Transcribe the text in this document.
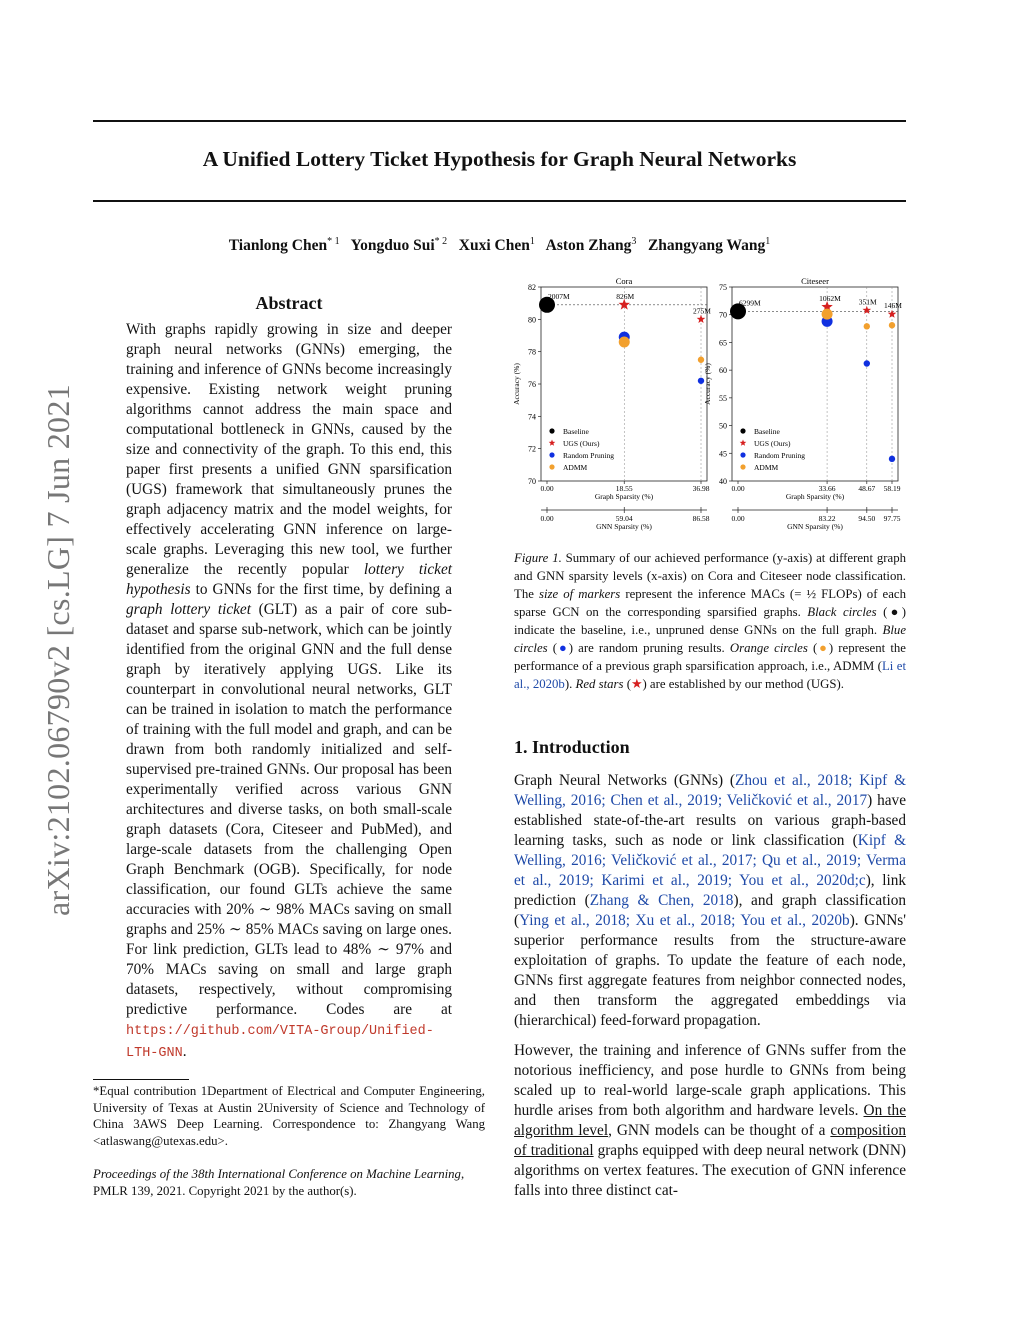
A Unified Lottery Ticket Hypothesis for Graph Neural Networks
Tianlong Chen$^{* 1}$ Yongduo Sui$^{* 2}$ Xuxi Chen$^1$ Aston Zhang$^3$ Zhangyang Wang$^1$
arXiv:2102.06790v2 [cs.LG] 7 Jun 2021
Abstract
With graphs rapidly growing in size and deeper graph neural networks (GNNs) emerging, the training and inference of GNNs become increasingly expensive. Existing network weight pruning algorithms cannot address the main space and computational bottleneck in GNNs, caused by the size and connectivity of the graph. To this end, this paper first presents a unified GNN sparsification (UGS) framework that simultaneously prunes the graph adjacency matrix and the model weights, for effectively accelerating GNN inference on large-scale graphs. Leveraging this new tool, we further generalize the recently popular lottery ticket hypothesis to GNNs for the first time, by defining a graph lottery ticket (GLT) as a pair of core sub-dataset and sparse sub-network, which can be jointly identified from the original GNN and the full dense graph by iteratively applying UGS. Like its counterpart in convolutional neural networks, GLT can be trained in isolation to match the performance of training with the full model and graph, and can be drawn from both randomly initialized and self-supervised pre-trained GNNs. Our proposal has been experimentally verified across various GNN architectures and diverse tasks, on both small-scale graph datasets (Cora, Citeseer and PubMed), and large-scale datasets from the challenging Open Graph Benchmark (OGB). Specifically, for node classification, our found GLTs achieve the same accuracies with 20% ∼ 98% MACs saving on small graphs and 25% ∼ 85% MACs saving on large ones. For link prediction, GLTs lead to 48% ∼ 97% and 70% MACs saving on small and large graph datasets, respectively, without compromising predictive performance. Codes are at https://github.com/VITA-Group/Unified-LTH-GNN.
*Equal contribution 1Department of Electrical and Computer Engineering, University of Texas at Austin 2University of Science and Technology of China 3AWS Deep Learning. Correspondence to: Zhangyang Wang <atlaswang@utexas.edu>.
Proceedings of the 38th International Conference on Machine Learning, PMLR 139, 2021. Copyright 2021 by the author(s).
Cora
70
72
74
76
78
80
82
Accuracy (%)
0.00	18.55	36.98
Graph Sparsity (%)
0.00	59.04	86.58
GNN Sparsity (%)
2007M	826M
275M
Baseline
UGS (Ours)
Random Pruning
ADMM
Citeseer
40
45
50
55
60
65
70
75
Accuracy (%)
0.00	33.66	48.67 58.19
Graph Sparsity (%)
0.00	83.22	94.50 97.75
GNN Sparsity (%)
6299M	1062M 351M 146M
Baseline
UGS (Ours)
Random Pruning
ADMM
Figure 1. Summary of our achieved performance (y-axis) at different graph and GNN sparsity levels (x-axis) on Cora and Citeseer node classification. The size of markers represent the inference MACs (= ½ FLOPs) of each sparse GCN on the corresponding sparsified graphs. Black circles (●) indicate the baseline, i.e., unpruned dense GNNs on the full graph. Blue circles (●) are random pruning results. Orange circles (●) represent the performance of a previous graph sparsification approach, i.e., ADMM (Li et al., 2020b). Red stars (★) are established by our method (UGS).
1. Introduction
Graph Neural Networks (GNNs) (Zhou et al., 2018; Kipf & Welling, 2016; Chen et al., 2019; Veličković et al., 2017) have established state-of-the-art results on various graph-based learning tasks, such as node or link classification (Kipf & Welling, 2016; Veličković et al., 2017; Qu et al., 2019; Verma et al., 2019; Karimi et al., 2019; You et al., 2020d;c), link prediction (Zhang & Chen, 2018), and graph classification (Ying et al., 2018; Xu et al., 2018; You et al., 2020b). GNNs' superior performance results from the structure-aware exploitation of graphs. To update the feature of each node, GNNs first aggregate features from neighbor connected nodes, and then transform the aggregated embeddings via (hierarchical) feed-forward propagation.
However, the training and inference of GNNs suffer from the notorious inefficiency, and pose hurdle to GNNs from being scaled up to real-world large-scale graph applications. This hurdle arises from both algorithm and hardware levels. On the algorithm level, GNN models can be thought of a composition of traditional graphs equipped with deep neural network (DNN) algorithms on vertex features. The execution of GNN inference falls into three distinct cat-
